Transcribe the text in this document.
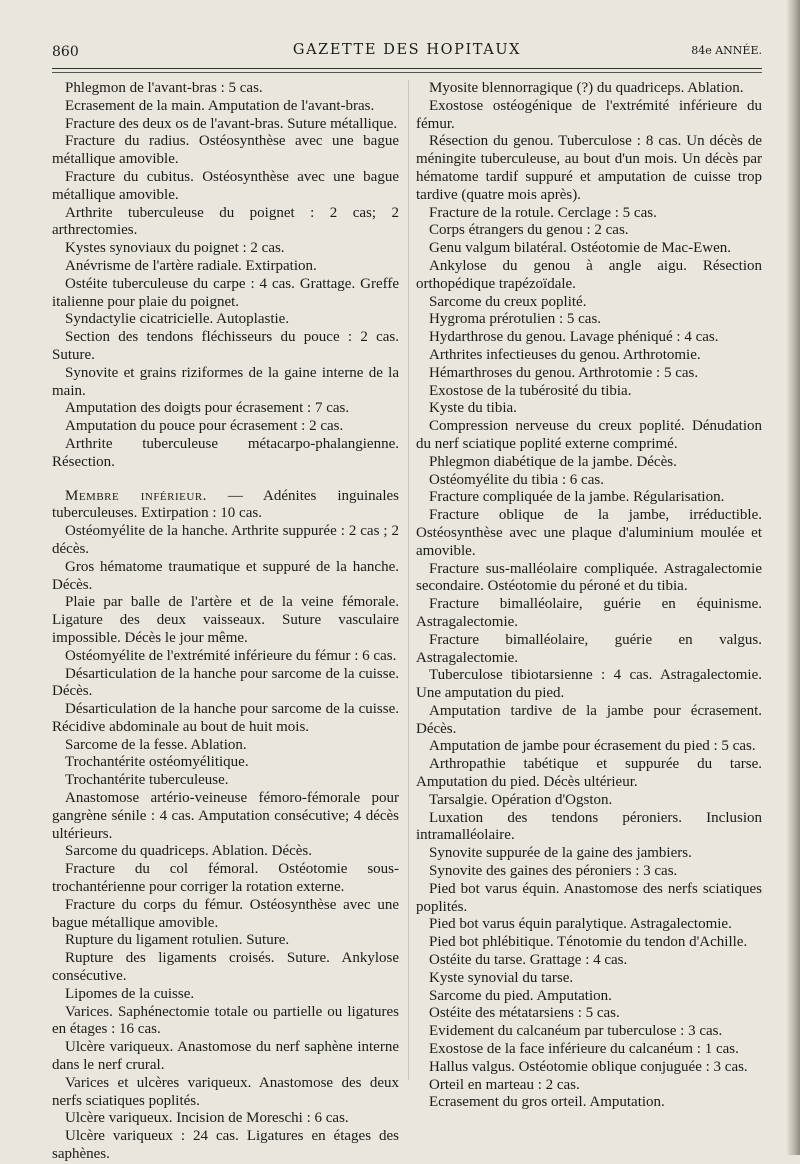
860	GAZETTE DES HOPITAUX	84e ANNÉE.

Phlegmon de l'avant-bras : 5 cas.

Ecrasement de la main. Amputation de l'avant-bras.

Fracture des deux os de l'avant-bras. Suture métallique.

Fracture du radius. Ostéosynthèse avec une bague métallique amovible.

Fracture du cubitus. Ostéosynthèse avec une bague métallique amovible.

Arthrite tuberculeuse du poignet : 2 cas; 2 arthrectomies.

Kystes synoviaux du poignet : 2 cas.

Anévrisme de l'artère radiale. Extirpation.

Ostéite tuberculeuse du carpe : 4 cas. Grattage. Greffe italienne pour plaie du poignet.

Syndactylie cicatricielle. Autoplastie.

Section des tendons fléchisseurs du pouce : 2 cas. Suture.

Synovite et grains riziformes de la gaine interne de la main.

Amputation des doigts pour écrasement : 7 cas.

Amputation du pouce pour écrasement : 2 cas.

Arthrite tuberculeuse métacarpo-phalangienne. Résection.

Membre inférieur. — Adénites inguinales tuberculeuses. Extirpation : 10 cas.

Ostéomyélite de la hanche. Arthrite suppurée : 2 cas ; 2 décès.

Gros hématome traumatique et suppuré de la hanche. Décès.

Plaie par balle de l'artère et de la veine fémorale. Ligature des deux vaisseaux. Suture vasculaire impossible. Décès le jour même.

Ostéomyélite de l'extrémité inférieure du fémur : 6 cas.

Désarticulation de la hanche pour sarcome de la cuisse. Décès.

Désarticulation de la hanche pour sarcome de la cuisse. Récidive abdominale au bout de huit mois.

Sarcome de la fesse. Ablation.

Trochantérite ostéomyélitique.

Trochantérite tuberculeuse.

Anastomose artério-veineuse fémoro-fémorale pour gangrène sénile : 4 cas. Amputation consécutive; 4 décès ultérieurs.

Sarcome du quadriceps. Ablation. Décès.

Fracture du col fémoral. Ostéotomie sous-trochantérienne pour corriger la rotation externe.

Fracture du corps du fémur. Ostéosynthèse avec une bague métallique amovible.

Rupture du ligament rotulien. Suture.

Rupture des ligaments croisés. Suture. Ankylose consécutive.

Lipomes de la cuisse.

Varices. Saphénectomie totale ou partielle ou ligatures en étages : 16 cas.

Ulcère variqueux. Anastomose du nerf saphène interne dans le nerf crural.

Varices et ulcères variqueux. Anastomose des deux nerfs sciatiques poplités.

Ulcère variqueux. Incision de Moreschi : 6 cas.

Ulcère variqueux : 24 cas. Ligatures en étages des saphènes.

Myosite blennorragique (?) du quadriceps. Ablation.

Exostose ostéogénique de l'extrémité inférieure du fémur.

Résection du genou. Tuberculose : 8 cas. Un décès de méningite tuberculeuse, au bout d'un mois. Un décès par hématome tardif suppuré et amputation de cuisse trop tardive (quatre mois après).

Fracture de la rotule. Cerclage : 5 cas.

Corps étrangers du genou : 2 cas.

Genu valgum bilatéral. Ostéotomie de Mac-Ewen.

Ankylose du genou à angle aigu. Résection orthopédique trapézoïdale.

Sarcome du creux poplité.

Hygroma prérotulien : 5 cas.

Hydarthrose du genou. Lavage phéniqué : 4 cas.

Arthrites infectieuses du genou. Arthrotomie.

Hémarthroses du genou. Arthrotomie : 5 cas.

Exostose de la tubérosité du tibia.

Kyste du tibia.

Compression nerveuse du creux poplité. Dénudation du nerf sciatique poplité externe comprimé.

Phlegmon diabétique de la jambe. Décès.

Ostéomyélite du tibia : 6 cas.

Fracture compliquée de la jambe. Régularisation.

Fracture oblique de la jambe, irréductible. Ostéosynthèse avec une plaque d'aluminium moulée et amovible.

Fracture sus-malléolaire compliquée. Astragalectomie secondaire. Ostéotomie du péroné et du tibia.

Fracture bimalléolaire, guérie en équinisme. Astragalectomie.

Fracture bimalléolaire, guérie en valgus. Astragalectomie.

Tuberculose tibiotarsienne : 4 cas. Astragalectomie. Une amputation du pied.

Amputation tardive de la jambe pour écrasement. Décès.

Amputation de jambe pour écrasement du pied : 5 cas.

Arthropathie tabétique et suppurée du tarse. Amputation du pied. Décès ultérieur.

Tarsalgie. Opération d'Ogston.

Luxation des tendons péroniers. Inclusion intramalléolaire.

Synovite suppurée de la gaine des jambiers.

Synovite des gaines des péroniers : 3 cas.

Pied bot varus équin. Anastomose des nerfs sciatiques poplités.

Pied bot varus équin paralytique. Astragalectomie.

Pied bot phlébitique. Ténotomie du tendon d'Achille.

Ostéite du tarse. Grattage : 4 cas.

Kyste synovial du tarse.

Sarcome du pied. Amputation.

Ostéite des métatarsiens : 5 cas.

Evidement du calcanéum par tuberculose : 3 cas.

Exostose de la face inférieure du calcanéum : 1 cas.

Hallus valgus. Ostéotomie oblique conjuguée : 3 cas.

Orteil en marteau : 2 cas.

Ecrasement du gros orteil. Amputation.
